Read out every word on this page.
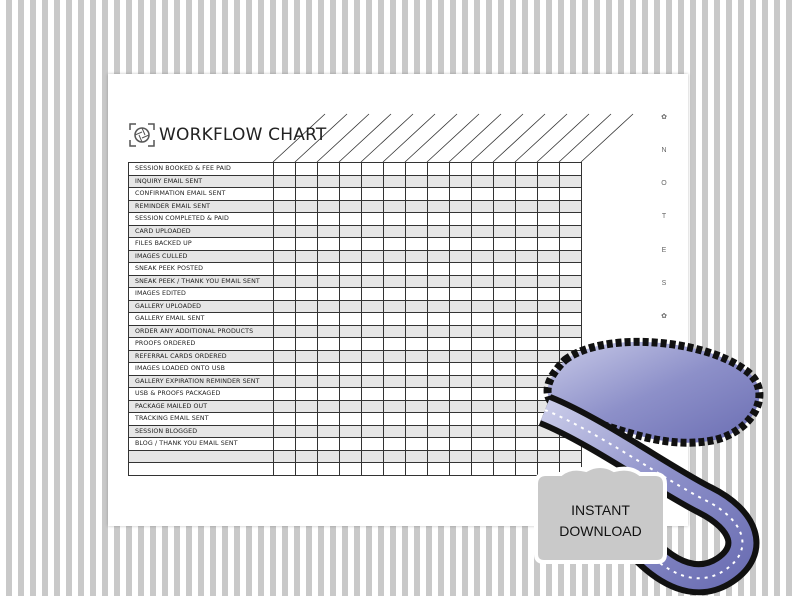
WORKFLOW CHART
✿
N
O
T
E
S
✿
SESSION BOOKED & FEE PAID														
INQUIRY EMAIL SENT														
CONFIRMATION EMAIL SENT														
REMINDER EMAIL SENT														
SESSION COMPLETED & PAID														
CARD UPLOADED														
FILES BACKED UP														
IMAGES CULLED														
SNEAK PEEK POSTED														
SNEAK PEEK / THANK YOU EMAIL SENT														
IMAGES EDITED														
GALLERY UPLOADED														
GALLERY EMAIL SENT														
ORDER ANY ADDITIONAL PRODUCTS														
PROOFS ORDERED														
REFERRAL CARDS ORDERED														
IMAGES LOADED ONTO USB														
GALLERY EXPIRATION REMINDER SENT														
USB & PROOFS PACKAGED														
PACKAGE MAILED OUT														
TRACKING EMAIL SENT														
SESSION BLOGGED														
BLOG / THANK YOU EMAIL SENT														

INSTANT
DOWNLOAD
